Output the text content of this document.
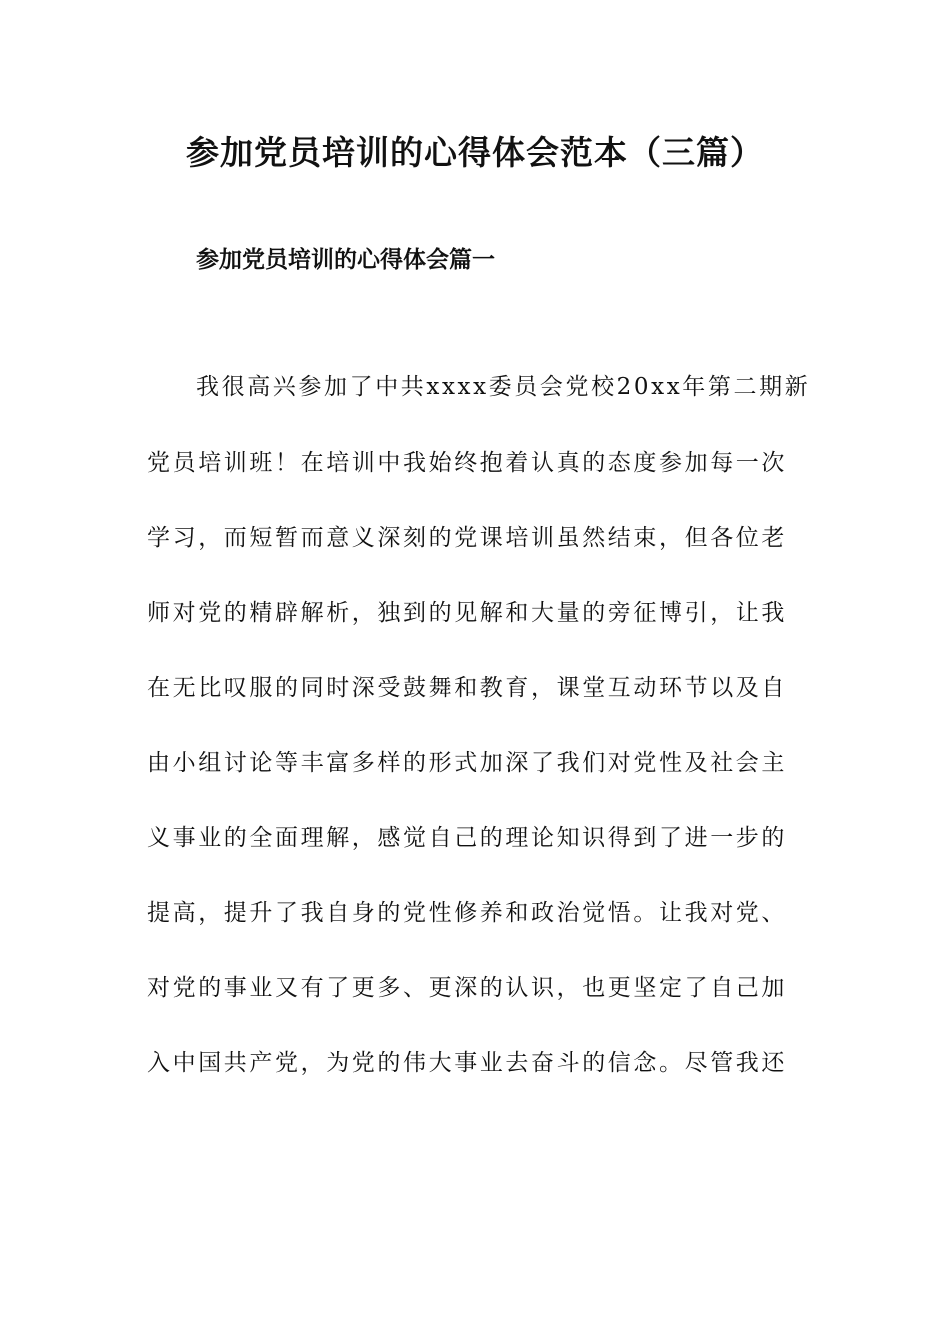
参加党员培训的心得体会范本（三篇）
参加党员培训的心得体会篇一
我很高兴参加了中共xxxx委员会党校20xx年第二期新
党员培训班！在培训中我始终抱着认真的态度参加每一次
学习，而短暂而意义深刻的党课培训虽然结束，但各位老
师对党的精辟解析，独到的见解和大量的旁征博引，让我
在无比叹服的同时深受鼓舞和教育，课堂互动环节以及自
由小组讨论等丰富多样的形式加深了我们对党性及社会主
义事业的全面理解，感觉自己的理论知识得到了进一步的
提高，提升了我自身的党性修养和政治觉悟。让我对党、
对党的事业又有了更多、更深的认识，也更坚定了自己加
入中国共产党，为党的伟大事业去奋斗的信念。尽管我还
